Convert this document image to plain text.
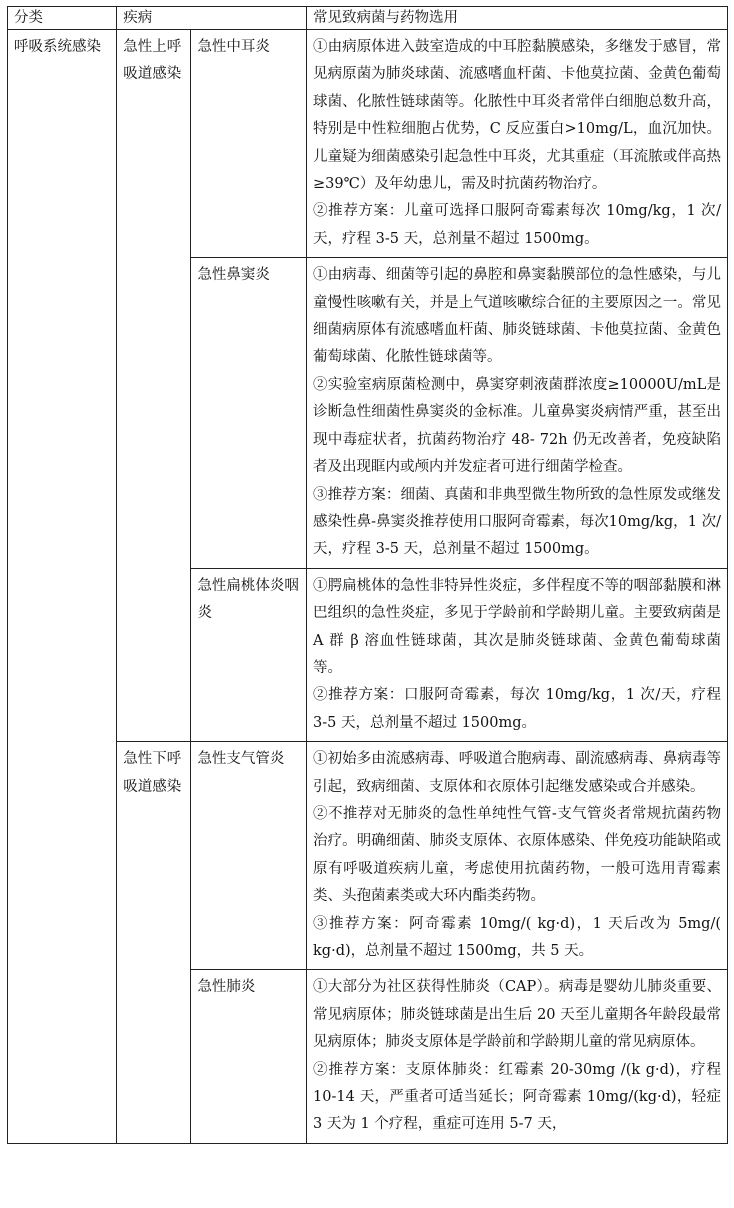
分类	疾病		常见致病菌与药物选用
呼吸系统感染	急性上呼吸道感染	急性中耳炎	①由病原体进入鼓室造成的中耳腔黏膜感染，多继发于感冒，常见病原菌为肺炎球菌、流感嗜血杆菌、卡他莫拉菌、金黄色葡萄球菌、化脓性链球菌等。化脓性中耳炎者常伴白细胞总数升高，特别是中性粒细胞占优势，C 反应蛋白>10mg/L，血沉加快。儿童疑为细菌感染引起急性中耳炎，尤其重症（耳流脓或伴高热≥39℃）及年幼患儿，需及时抗菌药物治疗。
②推荐方案：儿童可选择口服阿奇霉素每次 10mg/kg，1 次/天，疗程 3-5 天，总剂量不超过 1500mg。

		急性鼻窦炎	①由病毒、细菌等引起的鼻腔和鼻窦黏膜部位的急性感染，与儿童慢性咳嗽有关，并是上气道咳嗽综合征的主要原因之一。常见细菌病原体有流感嗜血杆菌、肺炎链球菌、卡他莫拉菌、金黄色葡萄球菌、化脓性链球菌等。
②实验室病原菌检测中，鼻窦穿刺液菌群浓度≥10000U/mL是诊断急性细菌性鼻窦炎的金标准。儿童鼻窦炎病情严重，甚至出现中毒症状者，抗菌药物治疗 48- 72h 仍无改善者，免疫缺陷者及出现眶内或颅内并发症者可进行细菌学检查。
③推荐方案：细菌、真菌和非典型微生物所致的急性原发或继发感染性鼻-鼻窦炎推荐使用口服阿奇霉素，每次10mg/kg，1 次/天，疗程 3-5 天，总剂量不超过 1500mg。

		急性扁桃体炎咽炎	①腭扁桃体的急性非特异性炎症，多伴程度不等的咽部黏膜和淋巴组织的急性炎症，多见于学龄前和学龄期儿童。主要致病菌是 A 群 β 溶血性链球菌，其次是肺炎链球菌、金黄色葡萄球菌等。
②推荐方案：口服阿奇霉素，每次 10mg/kg，1 次/天，疗程 3-5 天，总剂量不超过 1500mg。

	急性下呼吸道感染	急性支气管炎	①初始多由流感病毒、呼吸道合胞病毒、副流感病毒、鼻病毒等引起，致病细菌、支原体和衣原体引起继发感染或合并感染。
②不推荐对无肺炎的急性单纯性气管-支气管炎者常规抗菌药物治疗。明确细菌、肺炎支原体、衣原体感染、伴免疫功能缺陷或原有呼吸道疾病儿童，考虑使用抗菌药物，一般可选用青霉素类、头孢菌素类或大环内酯类药物。
③推荐方案：阿奇霉素 10mg/( kg·d)，1 天后改为 5mg/( kg·d)，总剂量不超过 1500mg，共 5 天。

		急性肺炎	①大部分为社区获得性肺炎（CAP）。病毒是婴幼儿肺炎重要、常见病原体；肺炎链球菌是出生后 20 天至儿童期各年龄段最常见病原体；肺炎支原体是学龄前和学龄期儿童的常见病原体。
②推荐方案：支原体肺炎：红霉素 20-30mg /(k g·d)，疗程 10-14 天，严重者可适当延长；阿奇霉素 10mg/(kg·d)，轻症 3 天为 1 个疗程，重症可连用 5-7 天，
